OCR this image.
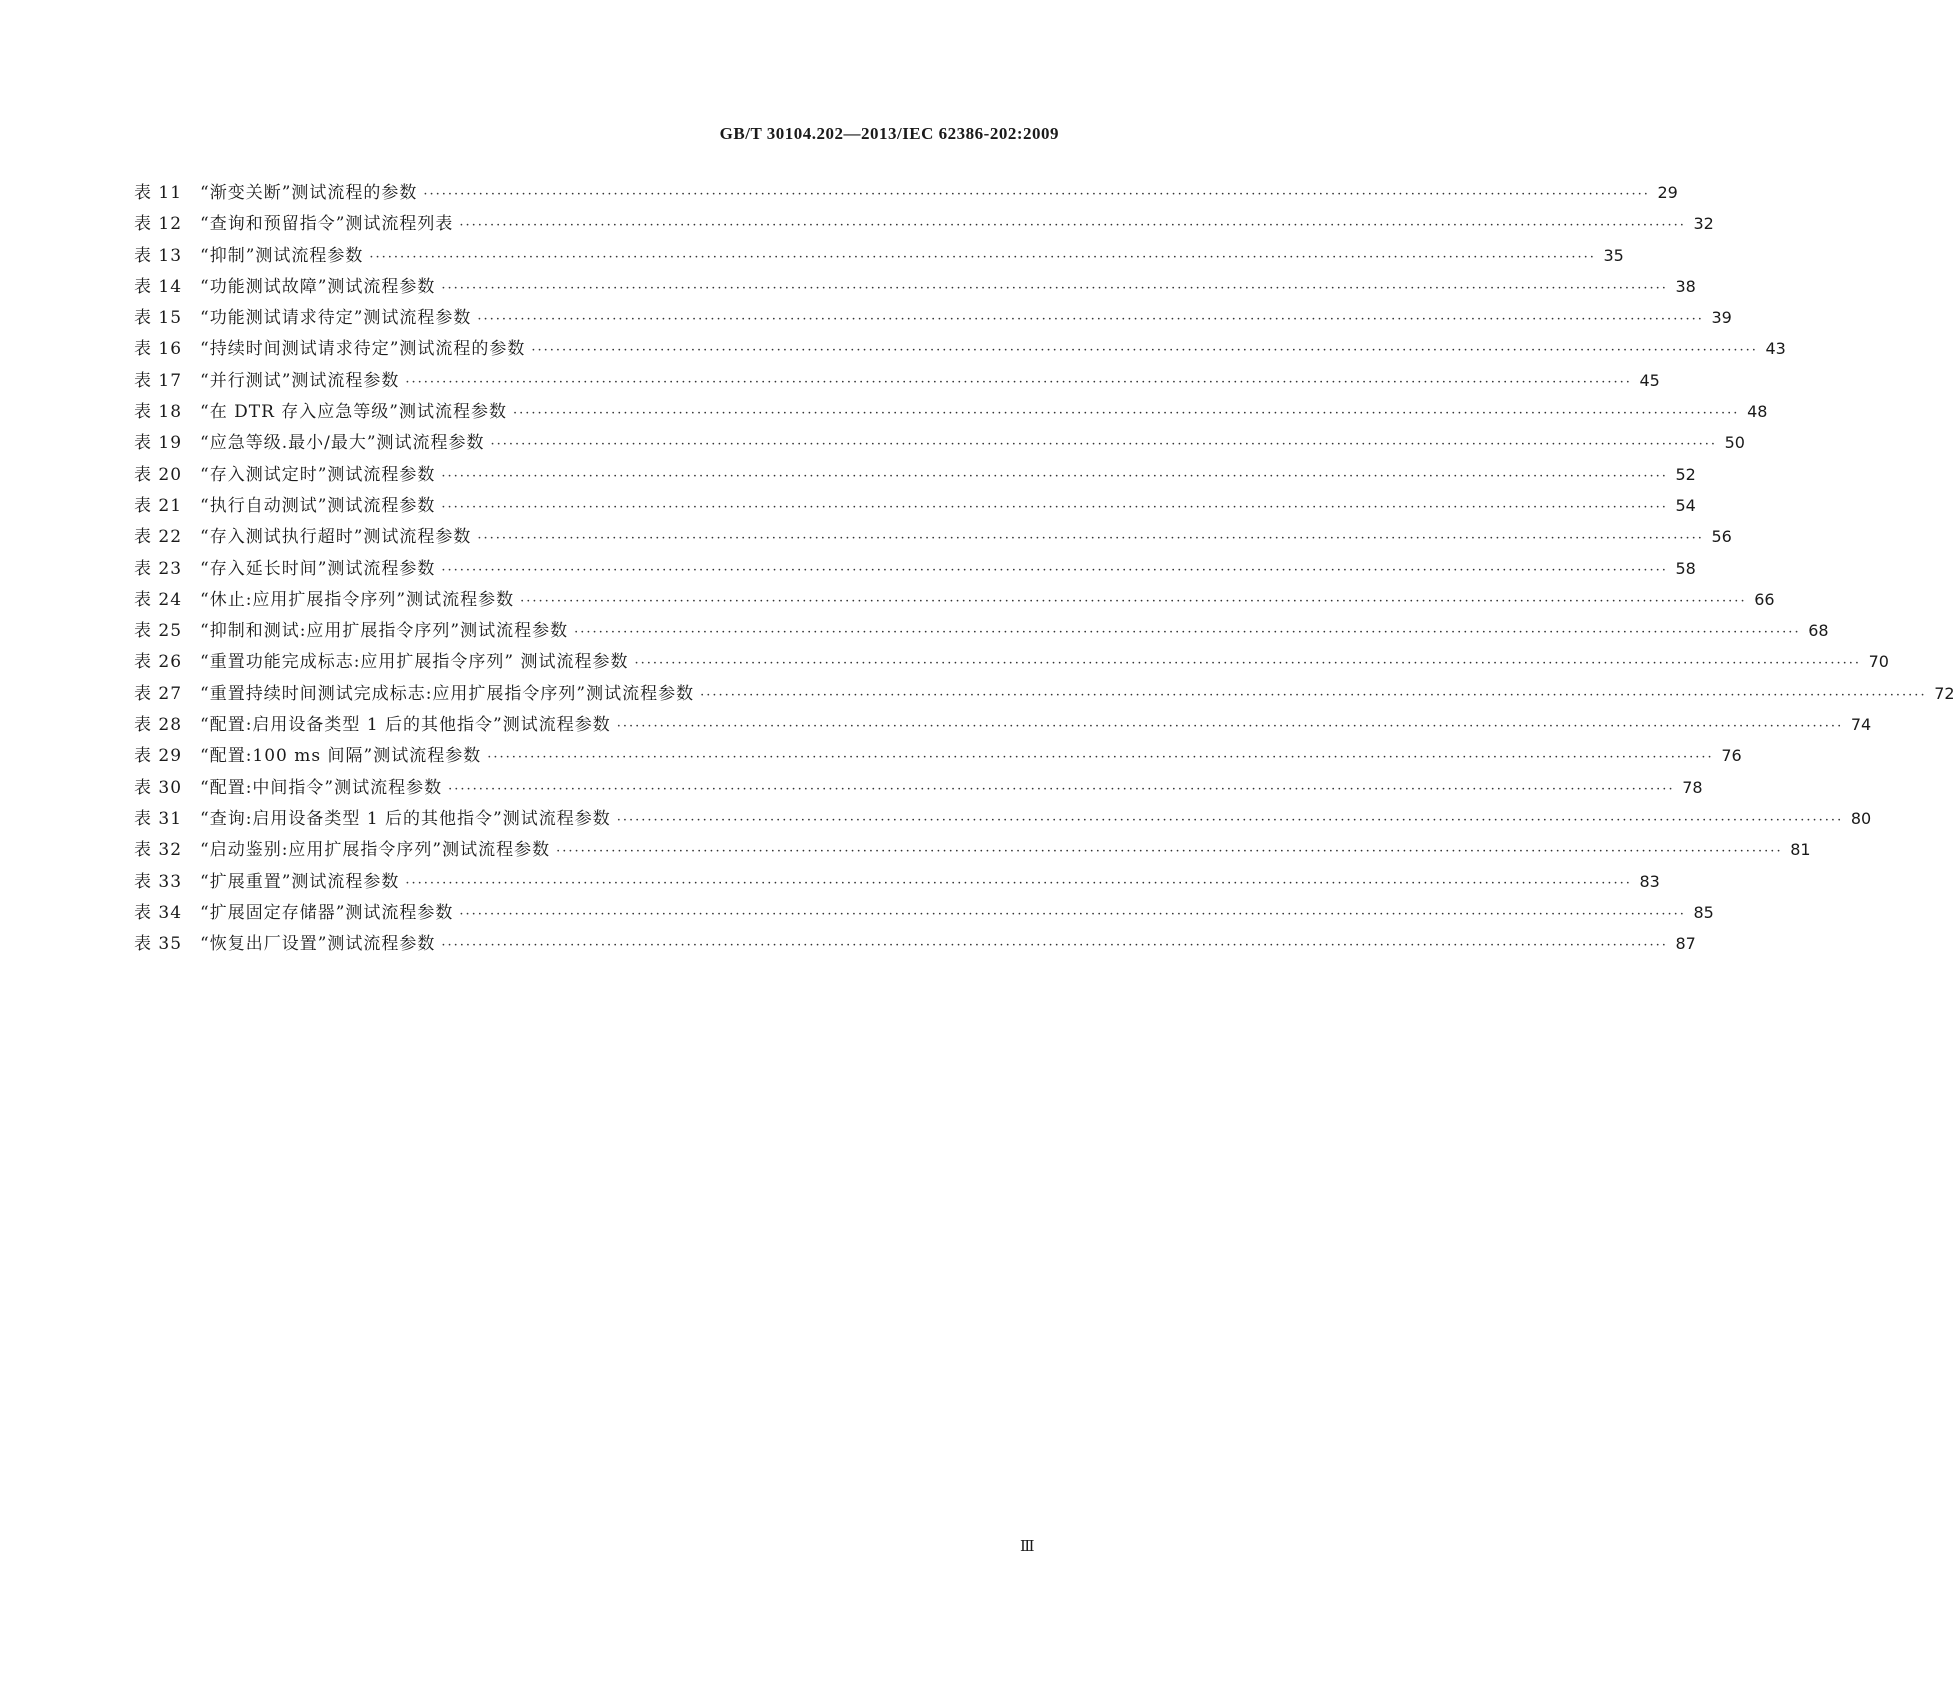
GB/T 30104.202—2013/IEC 62386-202:2009
表 11	“渐变关断”测试流程的参数 ········································································································································································································ 29
表 12	“查询和预留指令”测试流程列表 ········································································································································································································ 32
表 13	“抑制”测试流程参数 ········································································································································································································ 35
表 14	“功能测试故障”测试流程参数 ········································································································································································································ 38
表 15	“功能测试请求待定”测试流程参数 ········································································································································································································ 39
表 16	“持续时间测试请求待定”测试流程的参数 ········································································································································································································ 43
表 17	“并行测试”测试流程参数 ········································································································································································································ 45
表 18	“在 DTR 存入应急等级”测试流程参数 ········································································································································································································ 48
表 19	“应急等级.最小/最大”测试流程参数 ········································································································································································································ 50
表 20	“存入测试定时”测试流程参数 ········································································································································································································ 52
表 21	“执行自动测试”测试流程参数 ········································································································································································································ 54
表 22	“存入测试执行超时”测试流程参数 ········································································································································································································ 56
表 23	“存入延长时间”测试流程参数 ········································································································································································································ 58
表 24	“休止:应用扩展指令序列”测试流程参数 ········································································································································································································ 66
表 25	“抑制和测试:应用扩展指令序列”测试流程参数 ········································································································································································································ 68
表 26	“重置功能完成标志:应用扩展指令序列” 测试流程参数 ········································································································································································································ 70
表 27	“重置持续时间测试完成标志:应用扩展指令序列”测试流程参数 ········································································································································································································ 72
表 28	“配置:启用设备类型 1 后的其他指令”测试流程参数 ········································································································································································································ 74
表 29	“配置:100 ms 间隔”测试流程参数 ········································································································································································································ 76
表 30	“配置:中间指令”测试流程参数 ········································································································································································································ 78
表 31	“查询:启用设备类型 1 后的其他指令”测试流程参数 ········································································································································································································ 80
表 32	“启动鉴别:应用扩展指令序列”测试流程参数 ········································································································································································································ 81
表 33	“扩展重置”测试流程参数 ········································································································································································································ 83
表 34	“扩展固定存储器”测试流程参数 ········································································································································································································ 85
表 35	“恢复出厂设置”测试流程参数 ········································································································································································································ 87
Ⅲ
